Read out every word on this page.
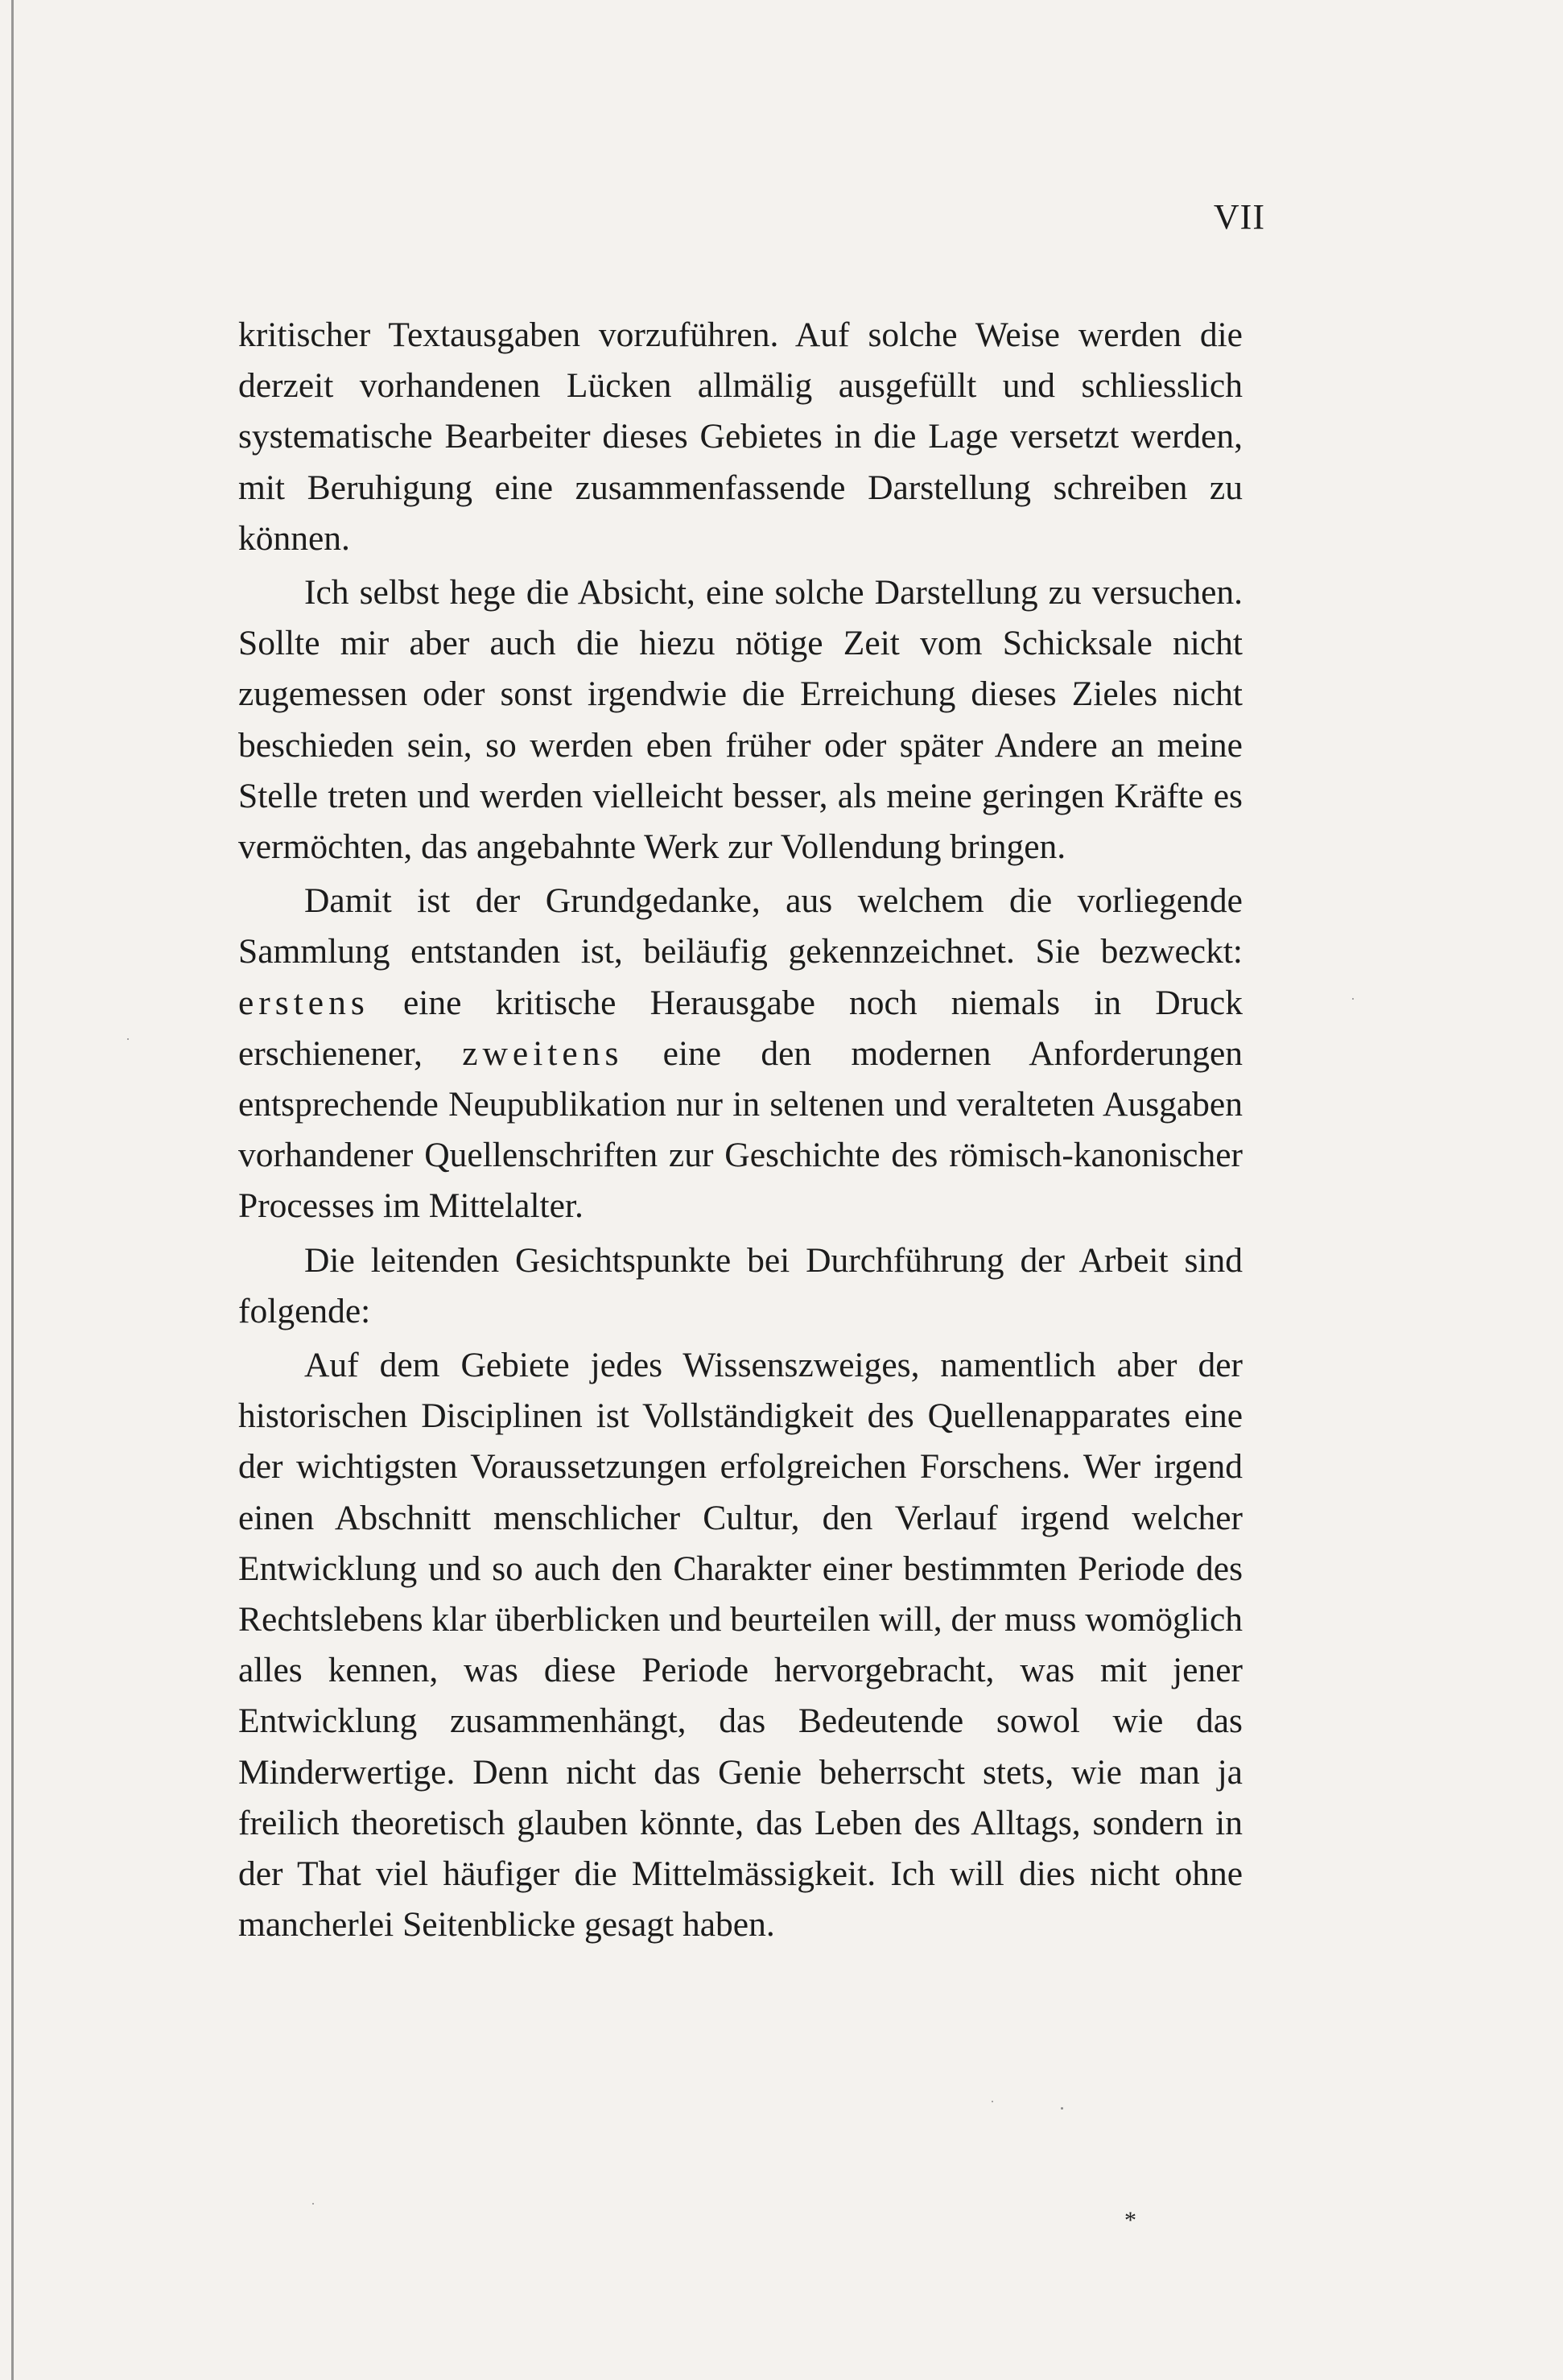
VII

kritischer Textausgaben vorzuführen. Auf solche Weise werden die derzeit vorhandenen Lücken allmälig ausgefüllt und schliesslich systematische Bearbeiter dieses Gebietes in die Lage versetzt werden, mit Beruhigung eine zusammenfassende Darstellung schreiben zu können.

Ich selbst hege die Absicht, eine solche Darstellung zu versuchen. Sollte mir aber auch die hiezu nötige Zeit vom Schicksale nicht zugemessen oder sonst irgendwie die Erreichung dieses Zieles nicht beschieden sein, so werden eben früher oder später Andere an meine Stelle treten und werden vielleicht besser, als meine geringen Kräfte es vermöchten, das angebahnte Werk zur Vollendung bringen.

Damit ist der Grundgedanke, aus welchem die vorliegende Sammlung entstanden ist, beiläufig gekennzeichnet. Sie bezweckt: erstens eine kritische Herausgabe noch niemals in Druck erschienener, zweitens eine den modernen Anforderungen entsprechende Neupublikation nur in seltenen und veralteten Ausgaben vorhandener Quellenschriften zur Geschichte des römisch-kanonischer Processes im Mittelalter.

Die leitenden Gesichtspunkte bei Durchführung der Arbeit sind folgende:

Auf dem Gebiete jedes Wissenszweiges, namentlich aber der historischen Disciplinen ist Vollständigkeit des Quellenapparates eine der wichtigsten Voraussetzungen erfolgreichen Forschens. Wer irgend einen Abschnitt menschlicher Cultur, den Verlauf irgend welcher Entwicklung und so auch den Charakter einer bestimmten Periode des Rechtslebens klar überblicken und beurteilen will, der muss womöglich alles kennen, was diese Periode hervorgebracht, was mit jener Entwicklung zusammenhängt, das Bedeutende sowol wie das Minderwertige. Denn nicht das Genie beherrscht stets, wie man ja freilich theoretisch glauben könnte, das Leben des Alltags, sondern in der That viel häufiger die Mittelmässigkeit. Ich will dies nicht ohne mancherlei Seitenblicke gesagt haben.

*
